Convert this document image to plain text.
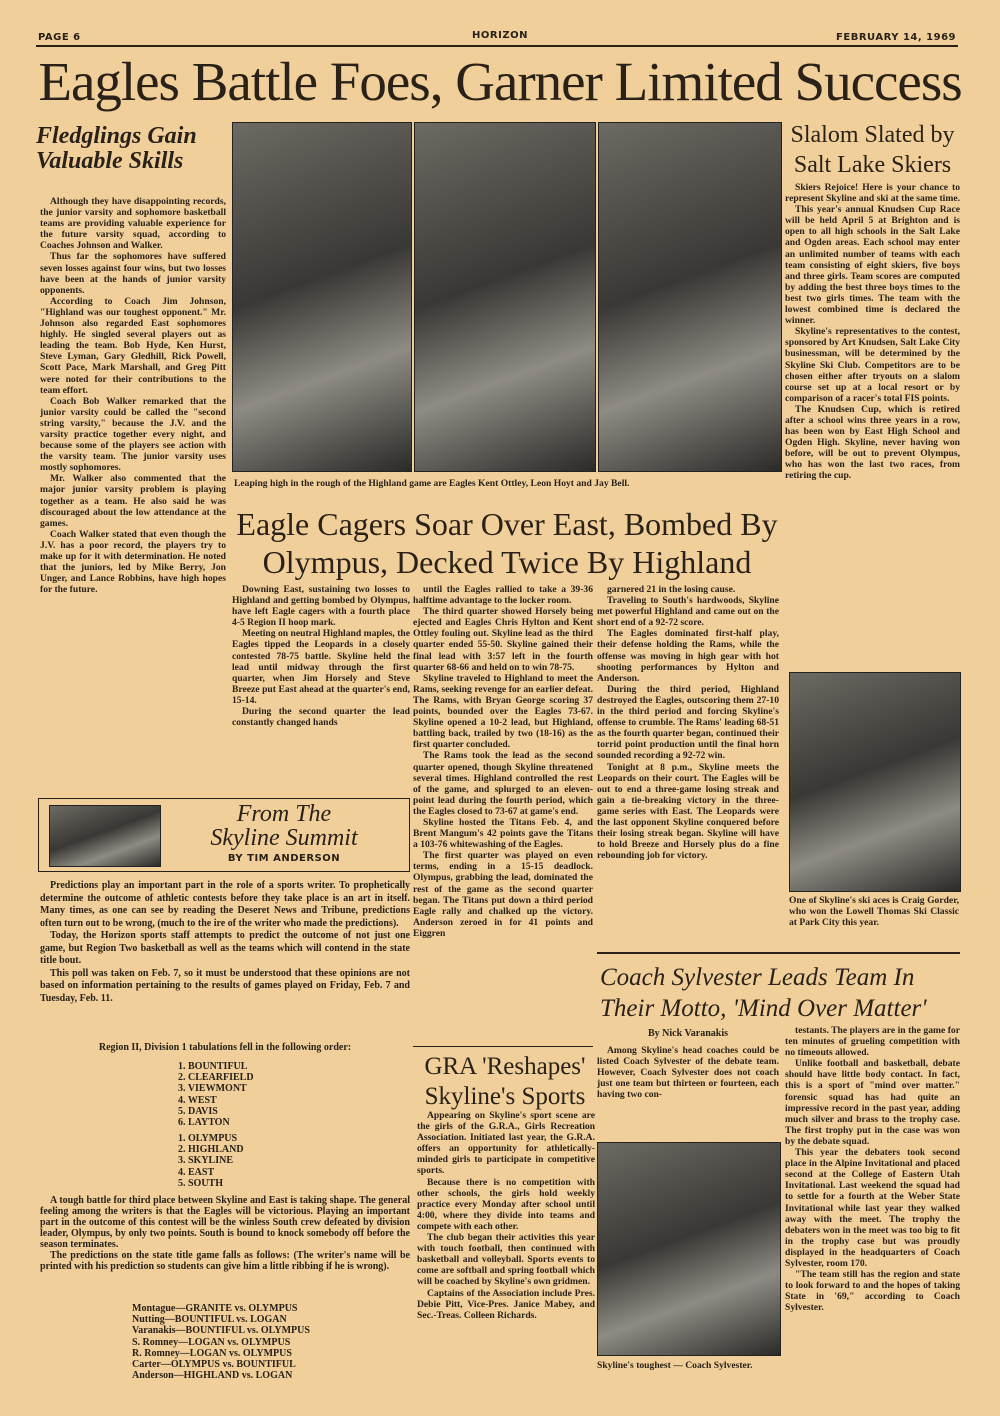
PAGE 6	HORIZON	FEBRUARY 14, 1969
Eagles Battle Foes, Garner Limited Success
Fledglings Gain Valuable Skills

Although they have disappointing records, the junior varsity and sophomore basketball teams are providing valuable experience for the future varsity squad, according to Coaches Johnson and Walker.

Thus far the sophomores have suffered seven losses against four wins, but two losses have been at the hands of junior varsity opponents.

According to Coach Jim Johnson, "Highland was our toughest opponent." Mr. Johnson also regarded East sophomores highly. He singled several players out as leading the team. Bob Hyde, Ken Hurst, Steve Lyman, Gary Gledhill, Rick Powell, Scott Pace, Mark Marshall, and Greg Pitt were noted for their contributions to the team effort.

Coach Bob Walker remarked that the junior varsity could be called the "second string varsity," because the J.V. and the varsity practice together every night, and because some of the players see action with the varsity team. The junior varsity uses mostly sophomores.

Mr. Walker also commented that the major junior varsity problem is playing together as a team. He also said he was discouraged about the low attendance at the games.

Coach Walker stated that even though the J.V. has a poor record, the players try to make up for it with determination. He noted that the juniors, led by Mike Berry, Jon Unger, and Lance Robbins, have high hopes for the future.

Leaping high in the rough of the Highland game are Eagles Kent Ottley, Leon Hoyt and Jay Bell.
Eagle Cagers Soar Over East, Bombed By Olympus, Decked Twice By Highland

Downing East, sustaining two losses to Highland and getting bombed by Olympus, have left Eagle cagers with a fourth place 4-5 Region II hoop mark.

Meeting on neutral Highland maples, the Eagles tipped the Leopards in a closely contested 78-75 battle. Skyline held the lead until midway through the first quarter, when Jim Horsely and Steve Breeze put East ahead at the quarter's end, 15-14.

During the second quarter the lead constantly changed hands

until the Eagles rallied to take a 39-36 halftime advantage to the locker room.

The third quarter showed Horsely being ejected and Eagles Chris Hylton and Kent Ottley fouling out. Skyline lead as the third quarter ended 55-50. Skyline gained their final lead with 3:57 left in the fourth quarter 68-66 and held on to win 78-75.

Skyline traveled to Highland to meet the Rams, seeking revenge for an earlier defeat. The Rams, with Bryan George scoring 37 points, bounded over the Eagles 73-67. Skyline opened a 10-2 lead, but Highland, battling back, trailed by two (18-16) as the first quarter concluded.

The Rams took the lead as the second quarter opened, though Skyline threatened several times. Highland controlled the rest of the game, and splurged to an eleven-point lead during the fourth period, which the Eagles closed to 73-67 at game's end.

Skyline hosted the Titans Feb. 4, and Brent Mangum's 42 points gave the Titans a 103-76 whitewashing of the Eagles.

The first quarter was played on even terms, ending in a 15-15 deadlock. Olympus, grabbing the lead, dominated the rest of the game as the second quarter began. The Titans put down a third period Eagle rally and chalked up the victory. Anderson zeroed in for 41 points and Eiggren

garnered 21 in the losing cause.

Traveling to South's hardwoods, Skyline met powerful Highland and came out on the short end of a 92-72 score.

The Eagles dominated first-half play, their defense holding the Rams, while the offense was moving in high gear with hot shooting performances by Hylton and Anderson.

During the third period, Highland destroyed the Eagles, outscoring them 27-10 in the third period and forcing Skyline's offense to crumble. The Rams' leading 68-51 as the fourth quarter began, continued their torrid point production until the final horn sounded recording a 92-72 win.

Tonight at 8 p.m., Skyline meets the Leopards on their court. The Eagles will be out to end a three-game losing streak and gain a tie-breaking victory in the three-game series with East. The Leopards were the last opponent Skyline conquered before their losing streak began. Skyline will have to hold Breeze and Horsely plus do a fine rebounding job for victory.

From The
Skyline Summit
BY TIM ANDERSON

Predictions play an important part in the role of a sports writer. To prophetically determine the outcome of athletic contests before they take place is an art in itself. Many times, as one can see by reading the Deseret News and Tribune, predictions often turn out to be wrong, (much to the ire of the writer who made the predictions).

Today, the Horizon sports staff attempts to predict the outcome of not just one game, but Region Two basketball as well as the teams which will contend in the state title bout.

This poll was taken on Feb. 7, so it must be understood that these opinions are not based on information pertaining to the results of games played on Friday, Feb. 7 and Tuesday, Feb. 11.

Region II, Division 1 tabulations fell in the following order:
1. BOUNTIFUL
2. CLEARFIELD
3. VIEWMONT
4. WEST
5. DAVIS
6. LAYTON
1. OLYMPUS
2. HIGHLAND
3. SKYLINE
4. EAST
5. SOUTH

A tough battle for third place between Skyline and East is taking shape. The general feeling among the writers is that the Eagles will be victorious. Playing an important part in the outcome of this contest will be the winless South crew defeated by division leader, Olympus, by only two points. South is bound to knock somebody off before the season terminates.

The predictions on the state title game falls as follows: (The writer's name will be printed with his prediction so students can give him a little ribbing if he is wrong).

Montague—GRANITE vs. OLYMPUS
Nutting—BOUNTIFUL vs. LOGAN
Varanakis—BOUNTIFUL vs. OLYMPUS
S. Romney—LOGAN vs. OLYMPUS
R. Romney—LOGAN vs. OLYMPUS
Carter—OLYMPUS vs. BOUNTIFUL
Anderson—HIGHLAND vs. LOGAN
GRA 'Reshapes' Skyline's Sports

Appearing on Skyline's sport scene are the girls of the G.R.A., Girls Recreation Association. Initiated last year, the G.R.A. offers an opportunity for athletically-minded girls to participate in competitive sports.

Because there is no competition with other schools, the girls hold weekly practice every Monday after school until 4:00, where they divide into teams and compete with each other.

The club began their activities this year with touch football, then continued with basketball and volleyball. Sports events to come are softball and spring football which will be coached by Skyline's own gridmen.

Captains of the Association include Pres. Debie Pitt, Vice-Pres. Janice Mabey, and Sec.-Treas. Colleen Richards.

Slalom Slated by Salt Lake Skiers

Skiers Rejoice! Here is your chance to represent Skyline and ski at the same time.

This year's annual Knudsen Cup Race will be held April 5 at Brighton and is open to all high schools in the Salt Lake and Ogden areas. Each school may enter an unlimited number of teams with each team consisting of eight skiers, five boys and three girls. Team scores are computed by adding the best three boys times to the best two girls times. The team with the lowest combined time is declared the winner.

Skyline's representatives to the contest, sponsored by Art Knudsen, Salt Lake City businessman, will be determined by the Skyline Ski Club. Competitors are to be chosen either after tryouts on a slalom course set up at a local resort or by comparison of a racer's total FIS points.

The Knudsen Cup, which is retired after a school wins three years in a row, has been won by East High School and Ogden High. Skyline, never having won before, will be out to prevent Olympus, who has won the last two races, from retiring the cup.

One of Skyline's ski aces is Craig Gorder, who won the Lowell Thomas Ski Classic at Park City this year.
Coach Sylvester Leads Team In Their Motto, 'Mind Over Matter'
By Nick Varanakis

Among Skyline's head coaches could be listed Coach Sylvester of the debate team. However, Coach Sylvester does not coach just one team but thirteen or fourteen, each having two con-

Skyline's toughest — Coach Sylvester.

testants. The players are in the game for ten minutes of grueling competition with no timeouts allowed.

Unlike football and basketball, debate should have little body contact. In fact, this is a sport of "mind over matter." forensic squad has had quite an impressive record in the past year, adding much silver and brass to the trophy case. The first trophy put in the case was won by the debate squad.

This year the debaters took second place in the Alpine Invitational and placed second at the College of Eastern Utah Invitational. Last weekend the squad had to settle for a fourth at the Weber State Invitational while last year they walked away with the meet. The trophy the debaters won in the meet was too big to fit in the trophy case but was proudly displayed in the headquarters of Coach Sylvester, room 170.

"The team still has the region and state to look forward to and the hopes of taking State in '69," according to Coach Sylvester.
